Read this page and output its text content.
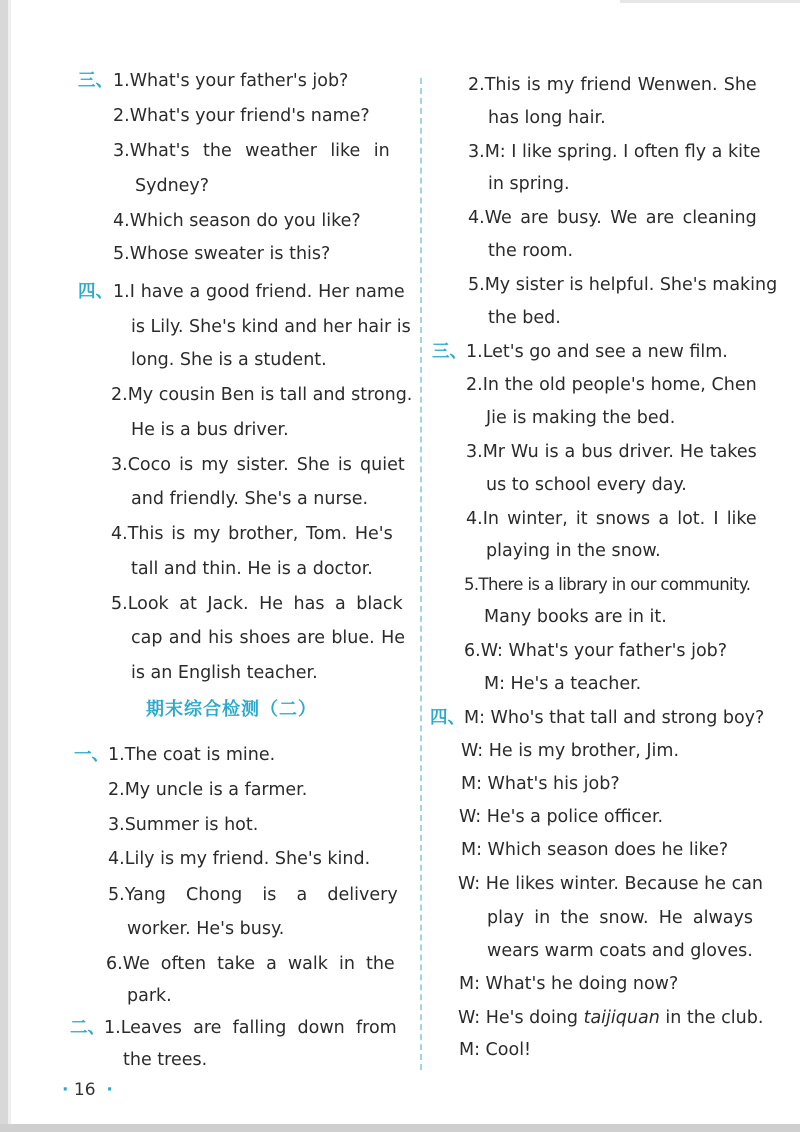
三、 1.What's your father's job?
2.What's your friend's name?
3.What's the weather like in
Sydney?
4.Which season do you like?
5.Whose sweater is this?
四、 1.I have a good friend. Her name
is Lily. She's kind and her hair is
long. She is a student.
2.My cousin Ben is tall and strong.
He is a bus driver.
3.Coco is my sister. She is quiet
and friendly. She's a nurse.
4.This is my brother, Tom. He's
tall and thin. He is a doctor.
5.Look at Jack. He has a black
cap and his shoes are blue. He
is an English teacher.
期末综合检测（二）
一、 1.The coat is mine.
2.My uncle is a farmer.
3.Summer is hot.
4.Lily is my friend. She's kind.
5.Yang Chong is a delivery
worker. He's busy.
6.We often take a walk in the
park.
二、 1.Leaves are falling down from
the trees.
2.This is my friend Wenwen. She
has long hair.
3.M: I like spring. I often fly a kite
in spring.
4.We are busy. We are cleaning
the room.
5.My sister is helpful. She's making
the bed.
三、 1.Let's go and see a new film.
2.In the old people's home, Chen
Jie is making the bed.
3.Mr Wu is a bus driver. He takes
us to school every day.
4.In winter, it snows a lot. I like
playing in the snow.
5.There is a library in our community.
Many books are in it.
6.W: What's your father's job?
M: He's a teacher.
四、 M: Who's that tall and strong boy?
W: He is my brother, Jim.
M: What's his job?
W: He's a police officer.
M: Which season does he like?
W: He likes winter. Because he can
play in the snow. He always
wears warm coats and gloves.
M: What's he doing now?
W: He's doing taijiquan in the club.
M: Cool!
· 16 ·
